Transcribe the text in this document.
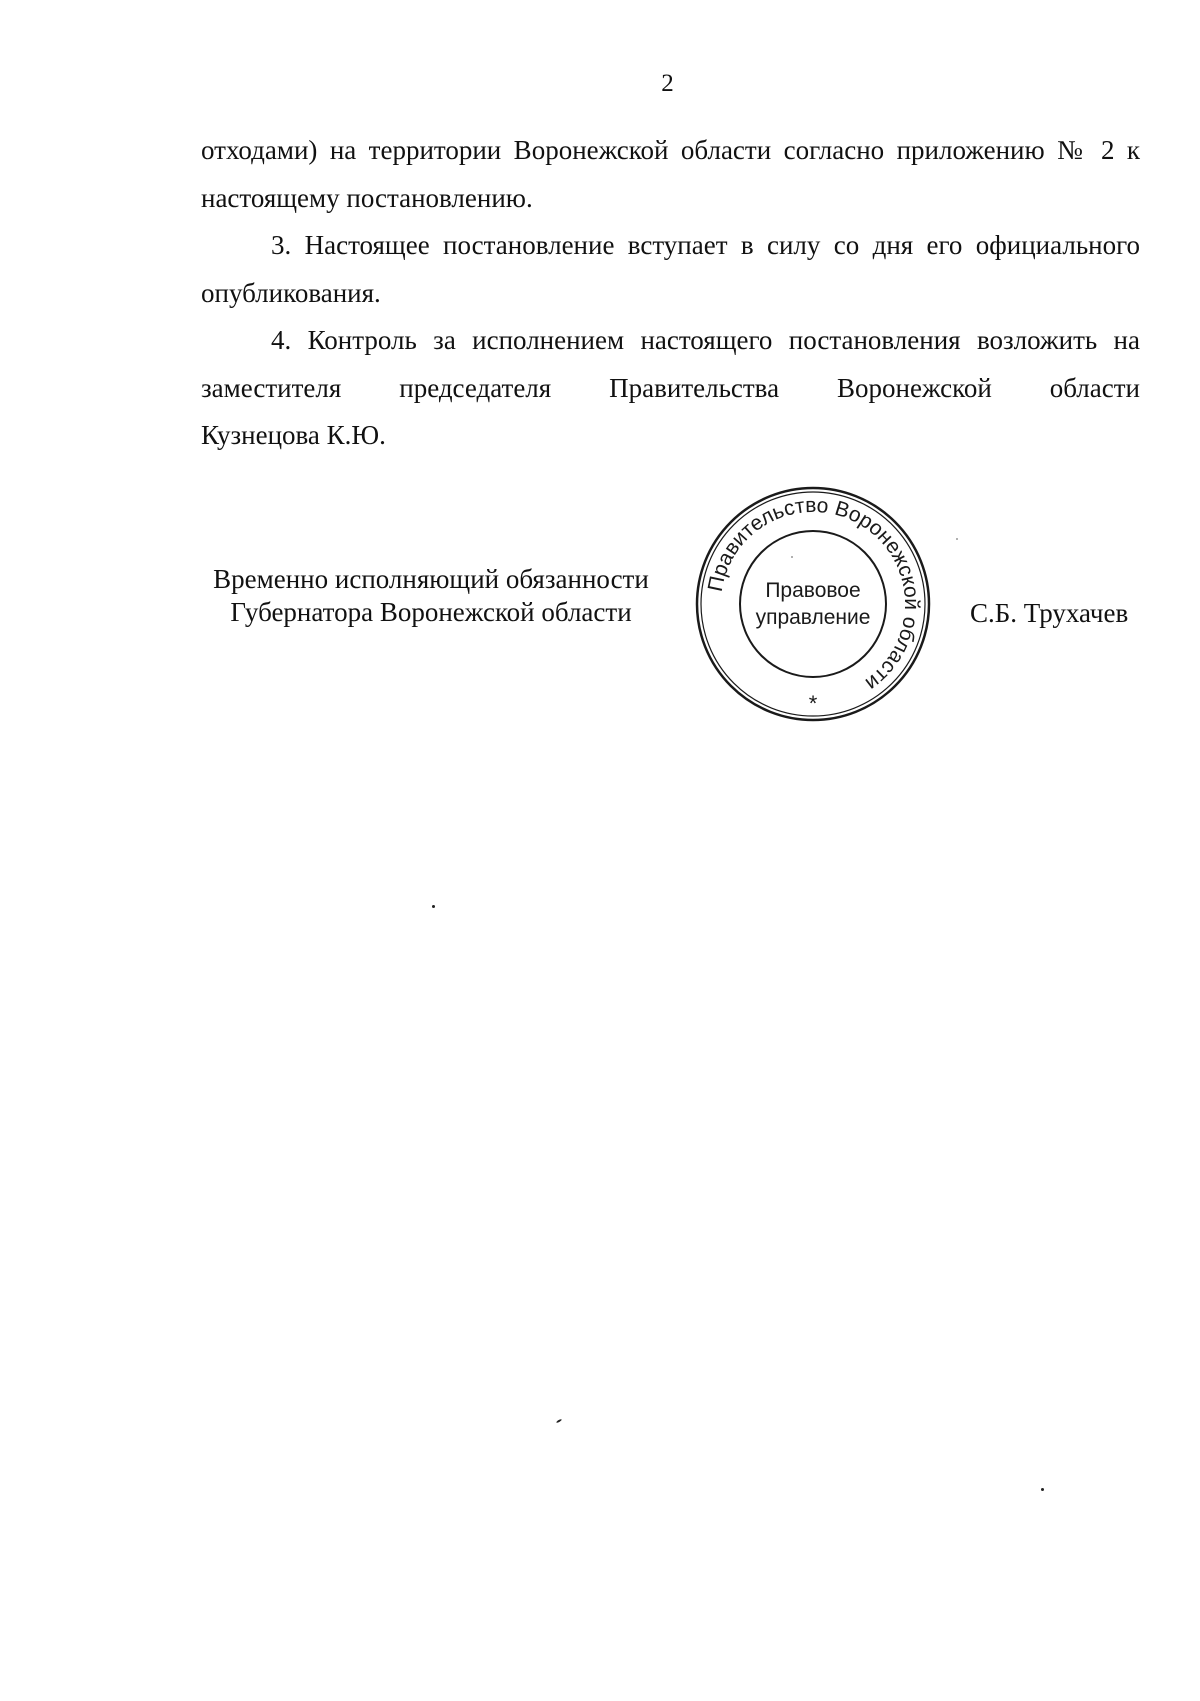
2

отходами) на территории Воронежской области согласно приложению № 2 к
настоящему постановлению.

3. Настоящее постановление вступает в силу со дня его официального
опубликования.

4. Контроль за исполнением настоящего постановления возложить на
заместителя председателя Правительства Воронежской области
Кузнецова К.Ю.

Временно исполняющий обязанности
Губернатора Воронежской области	С.Б. Трухачев
Правительство Воронежской области
Правовое
управление
*
